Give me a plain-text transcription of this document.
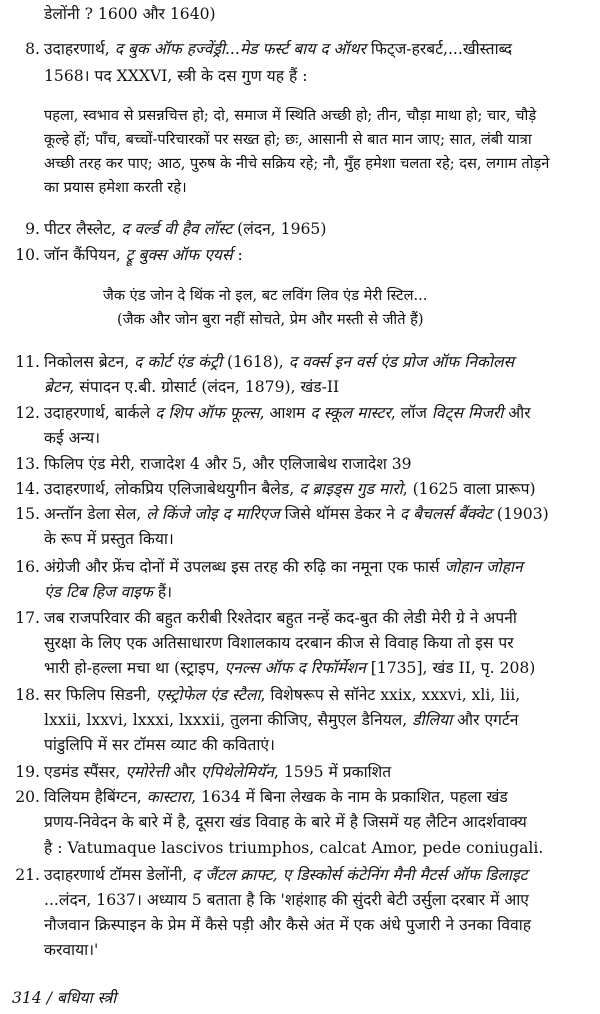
डेलोंनी ? 1600 और 1640)
8. उदाहरणार्थ, द बुक ऑफ हज्वेंड्री...मेड फर्स्ट बाय द ऑथर फिट्ज-हरबर्ट,...खीस्ताब्द
1568। पद XXXVI, स्त्री के दस गुण यह हैं :
पहला, स्वभाव से प्रसन्नचित्त हो; दो, समाज में स्थिति अच्छी हो; तीन, चौड़ा माथा हो; चार, चौड़े
कूल्हे हों; पाँच, बच्चों-परिचारकों पर सख्त हो; छः, आसानी से बात मान जाए; सात, लंबी यात्रा
अच्छी तरह कर पाए; आठ, पुरुष के नीचे सक्रिय रहे; नौ, मुँह हमेशा चलता रहे; दस, लगाम तोड़ने
का प्रयास हमेशा करती रहे।
9. पीटर लैस्लेट, द वर्ल्ड वी हैव लॉस्ट (लंदन, 1965)
10. जॉन कैंपियन, ट्रू बुक्स ऑफ एयर्स :
जैक एंड जोन दे थिंक नो इल, बट लविंग लिव एंड मेरी स्टिल...
(जैक और जोन बुरा नहीं सोचते, प्रेम और मस्ती से जीते हैं)
11. निकोलस ब्रेटन, द कोर्ट एंड कंट्री (1618), द वर्क्स इन वर्स एंड प्रोज ऑफ निकोलस
ब्रेटन, संपादन ए.बी. ग्रोसार्ट (लंदन, 1879), खंड-II
12. उदाहरणार्थ, बार्कले द शिप ऑफ फूल्स, आशम द स्कूल मास्टर, लॉज विट्स मिजरी और
कई अन्य।
13. फिलिप एंड मेरी, राजादेश 4 और 5, और एलिजाबेथ राजादेश 39
14. उदाहरणार्थ, लोकप्रिय एलिजाबेथयुगीन बैलेड, द ब्राइड्स गुड मारो, (1625 वाला प्रारूप)
15. अन्तॉन डेला सेल, ले किंजे जोइ द मारिएज जिसे थॉमस डेकर ने द बैचलर्स बैंक्वेट (1903)
के रूप में प्रस्तुत किया।
16. अंग्रेजी और फ्रेंच दोनों में उपलब्ध इस तरह की रुढ़ि का नमूना एक फार्स जोहान जोहान
एंड टिब हिज वाइफ हैं।
17. जब राजपरिवार की बहुत करीबी रिश्तेदार बहुत नन्हें कद-बुत की लेडी मेरी ग्रे ने अपनी
सुरक्षा के लिए एक अतिसाधारण विशालकाय दरबान कीज से विवाह किया तो इस पर
भारी हो-हल्ला मचा था (स्ट्राइप, एनल्स ऑफ द रिफॉर्मेशन [1735], खंड II, पृ. 208)
18. सर फिलिप सिडनी, एस्ट्रोफेल एंड स्टैला, विशेषरूप से सॉनेट xxix, xxxvi, xli, lii,
lxxii, lxxvi, lxxxi, lxxxii, तुलना कीजिए, सैमुएल डैनियल, डीलिया और एगर्टन
पांडुलिपि में सर टॉमस व्याट की कविताएं।
19. एडमंड स्पैंसर, एमोरेत्ती और एपिथेलेमियॅन, 1595 में प्रकाशित
20. विलियम हैबिंग्टन, कास्टारा, 1634 में बिना लेखक के नाम के प्रकाशित, पहला खंड
प्रणय-निवेदन के बारे में है, दूसरा खंड विवाह के बारे में है जिसमें यह लैटिन आदर्शवाक्य
है : Vatumaque lascivos triumphos, calcat Amor, pede coniugali.
21. उदाहरणार्थ टॉमस डेलोंनी, द जैंटल क्राफ्ट, ए डिस्कोर्स कंटेनिंग मैनी मैटर्स ऑफ डिलाइट
...लंदन, 1637। अध्याय 5 बताता है कि 'शहंशाह की सुंदरी बेटी उर्सुला दरबार में आए
नौजवान क्रिस्पाइन के प्रेम में कैसे पड़ी और कैसे अंत में एक अंधे पुजारी ने उनका विवाह
करवाया।'
314 / बधिया स्त्री
